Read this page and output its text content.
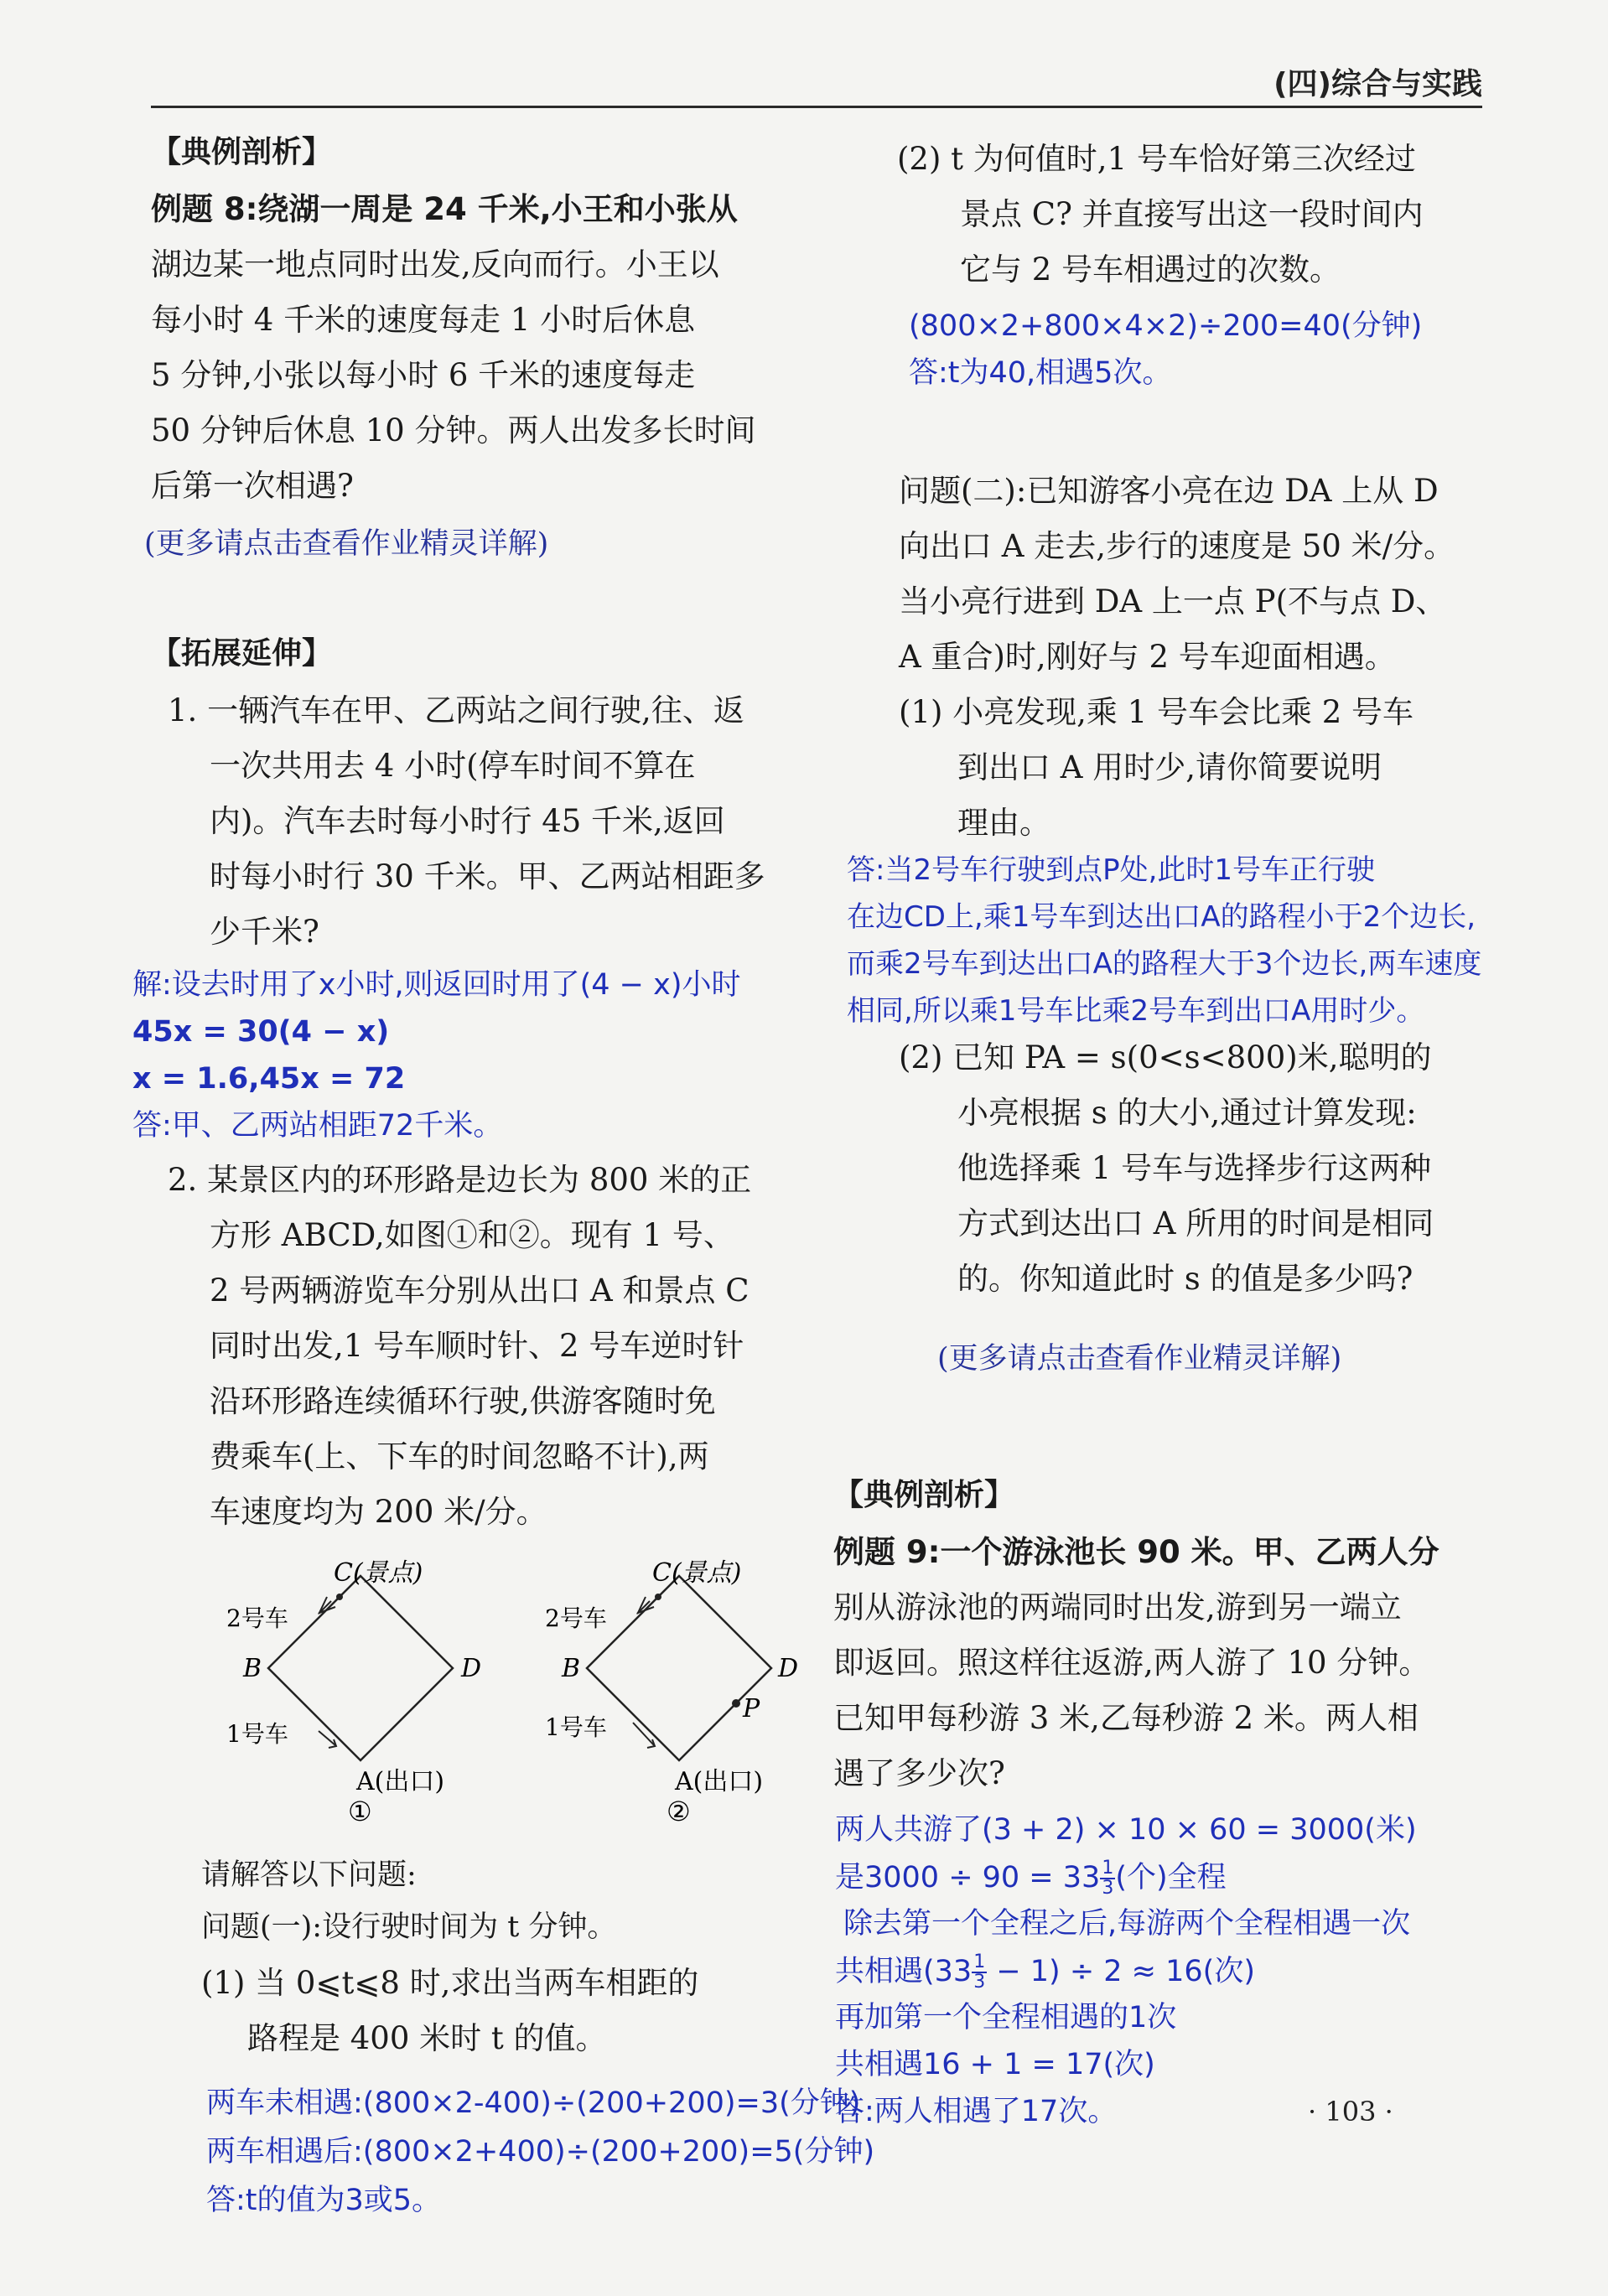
(四)综合与实践
【典例剖析】
例题 8:绕湖一周是 24 千米,小王和小张从
湖边某一地点同时出发,反向而行。小王以
每小时 4 千米的速度每走 1 小时后休息
5 分钟,小张以每小时 6 千米的速度每走
50 分钟后休息 10 分钟。两人出发多长时间
后第一次相遇?
(更多请点击查看作业精灵详解)
【拓展延伸】
1. 一辆汽车在甲、乙两站之间行驶,往、返
一次共用去 4 小时(停车时间不算在
内)。汽车去时每小时行 45 千米,返回
时每小时行 30 千米。甲、乙两站相距多
少千米?
解:设去时用了x小时,则返回时用了(4 − x)小时
45x = 30(4 − x)
x = 1.6,45x = 72
答:甲、乙两站相距72千米。
2. 某景区内的环形路是边长为 800 米的正
方形 ABCD,如图①和②。现有 1 号、
2 号两辆游览车分别从出口 A 和景点 C
同时出发,1 号车顺时针、2 号车逆时针
沿环形路连续循环行驶,供游客随时免
费乘车(上、下车的时间忽略不计),两
车速度均为 200 米/分。
C(景点)
B	D
A(出口)
2号车
1号车
①
C(景点)
B	D
P
A(出口)
2号车
1号车
②
请解答以下问题:
问题(一):设行驶时间为 t 分钟。
(1) 当 0⩽t⩽8 时,求出当两车相距的
路程是 400 米时 t 的值。
两车未相遇:(800×2-400)÷(200+200)=3(分钟)
两车相遇后:(800×2+400)÷(200+200)=5(分钟)
答:t的值为3或5。
(2) t 为何值时,1 号车恰好第三次经过
景点 C? 并直接写出这一段时间内
它与 2 号车相遇过的次数。
(800×2+800×4×2)÷200=40(分钟)
答:t为40,相遇5次。
问题(二):已知游客小亮在边 DA 上从 D
向出口 A 走去,步行的速度是 50 米/分。
当小亮行进到 DA 上一点 P(不与点 D、
A 重合)时,刚好与 2 号车迎面相遇。
(1) 小亮发现,乘 1 号车会比乘 2 号车
到出口 A 用时少,请你简要说明
理由。
答:当2号车行驶到点P处,此时1号车正行驶
在边CD上,乘1号车到达出口A的路程小于2个边长,
而乘2号车到达出口A的路程大于3个边长,两车速度
相同,所以乘1号车比乘2号车到出口A用时少。
(2) 已知 PA = s(0<s<800)米,聪明的
小亮根据 s 的大小,通过计算发现:
他选择乘 1 号车与选择步行这两种
方式到达出口 A 所用的时间是相同
的。你知道此时 s 的值是多少吗?
(更多请点击查看作业精灵详解)
【典例剖析】
例题 9:一个游泳池长 90 米。甲、乙两人分
别从游泳池的两端同时出发,游到另一端立
即返回。照这样往返游,两人游了 10 分钟。
已知甲每秒游 3 米,乙每秒游 2 米。两人相
遇了多少次?
两人共游了(3 + 2) × 10 × 60 = 3000(米)
是$3000 \div 90 = 33 \frac{1}{3}$ (个)全程
除去第一个全程之后,每游两个全程相遇一次
共相遇$(33 \frac{1}{3} - 1) \div 2 \approx 16$(次)
再加第一个全程相遇的1次
共相遇16 + 1 = 17(次)
答:两人相遇了17次。	· 103 ·
